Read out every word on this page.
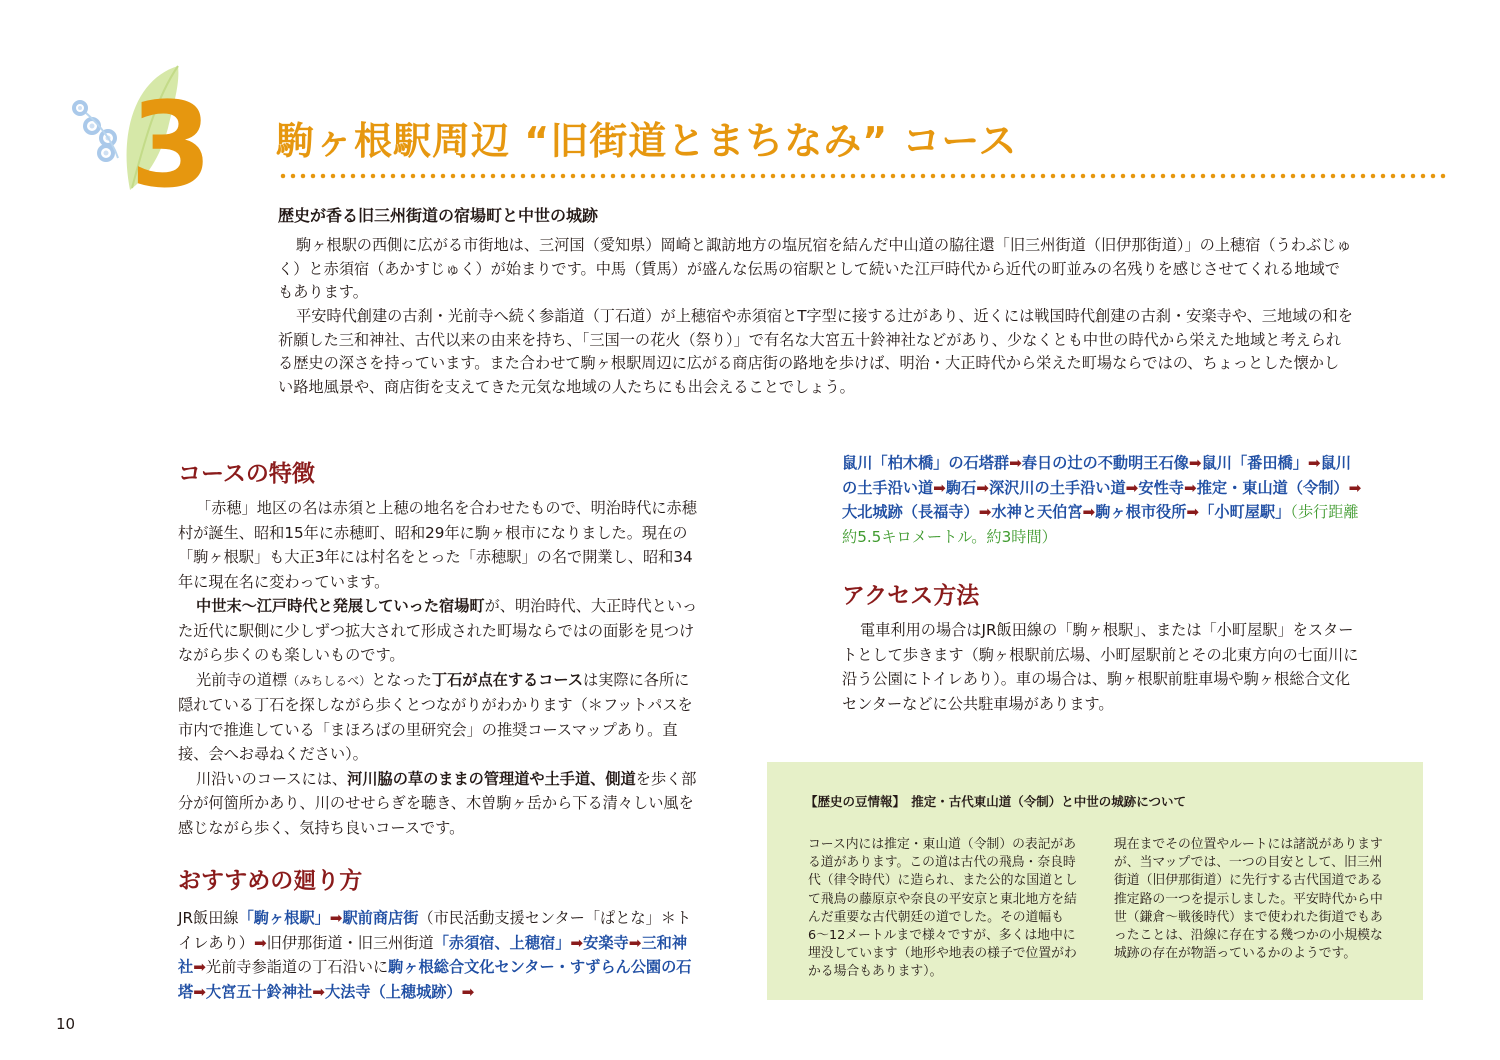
3 駒ヶ根駅周辺 “旧街道とまちなみ” コース
歴史が香る旧三州街道の宿場町と中世の城跡
駒ヶ根駅の西側に広がる市街地は、三河国（愛知県）岡崎と諏訪地方の塩尻宿を結んだ中山道の脇往還「旧三州街道（旧伊那街道）」の上穂宿（うわぶじゅく）と赤須宿（あかすじゅく）が始まりです。中馬（賃馬）が盛んな伝馬の宿駅として続いた江戸時代から近代の町並みの名残りを感じさせてくれる地域でもあります。
平安時代創建の古刹・光前寺へ続く参詣道（丁石道）が上穂宿や赤須宿とT字型に接する辻があり、近くには戦国時代創建の古刹・安楽寺や、三地域の和を祈願した三和神社、古代以来の由来を持ち、「三国一の花火（祭り）」で有名な大宮五十鈴神社などがあり、少なくとも中世の時代から栄えた地域と考えられる歴史の深さを持っています。また合わせて駒ヶ根駅周辺に広がる商店街の路地を歩けば、明治・大正時代から栄えた町場ならではの、ちょっとした懐かしい路地風景や、商店街を支えてきた元気な地域の人たちにも出会えることでしょう。
コースの特徴

「赤穂」地区の名は赤須と上穂の地名を合わせたもので、明治時代に赤穂村が誕生、昭和15年に赤穂町、昭和29年に駒ヶ根市になりました。現在の「駒ヶ根駅」も大正3年には村名をとった「赤穂駅」の名で開業し、昭和34年に現在名に変わっています。

中世末〜江戸時代と発展していった宿場町が、明治時代、大正時代といった近代に駅側に少しずつ拡大されて形成された町場ならではの面影を見つけながら歩くのも楽しいものです。

光前寺の道標（みちしるべ）となった丁石が点在するコースは実際に各所に隠れている丁石を探しながら歩くとつながりがわかります（＊フットパスを市内で推進している「まほろばの里研究会」の推奨コースマップあり。直接、会へお尋ねください）。

川沿いのコースには、河川脇の草のままの管理道や土手道、側道を歩く部分が何箇所かあり、川のせせらぎを聴き、木曽駒ヶ岳から下る清々しい風を感じながら歩く、気持ち良いコースです。

おすすめの廻り方
JR飯田線「駒ヶ根駅」➡駅前商店街（市民活動支援センター「ぱとな」＊トイレあり）➡旧伊那街道・旧三州街道「赤須宿、上穂宿」➡安楽寺➡三和神社➡光前寺参詣道の丁石沿いに駒ヶ根総合文化センター・すずらん公園の石塔➡大宮五十鈴神社➡大法寺（上穂城跡）➡
鼠川「柏木橋」の石塔群➡春日の辻の不動明王石像➡鼠川「番田橋」➡鼠川の土手沿い道➡駒石➡深沢川の土手沿い道➡安性寺➡推定・東山道（令制）➡大北城跡（長福寺）➡水神と天伯宮➡駒ヶ根市役所➡「小町屋駅」（歩行距離約5.5キロメートル。約3時間）
アクセス方法
電車利用の場合はJR飯田線の「駒ヶ根駅」、または「小町屋駅」をスタートとして歩きます（駒ヶ根駅前広場、小町屋駅前とその北東方向の七面川に沿う公園にトイレあり）。車の場合は、駒ヶ根駅前駐車場や駒ヶ根総合文化センターなどに公共駐車場があります。
【歴史の豆情報】　推定・古代東山道（令制）と中世の城跡について
コース内には推定・東山道（令制）の表記がある道があります。この道は古代の飛鳥・奈良時代（律令時代）に造られ、また公的な国道として飛鳥の藤原京や奈良の平安京と東北地方を結んだ重要な古代朝廷の道でした。その道幅も6〜12メートルまで様々ですが、多くは地中に埋没しています（地形や地表の様子で位置がわかる場合もあります）。
現在までその位置やルートには諸説がありますが、当マップでは、一つの目安として、旧三州街道（旧伊那街道）に先行する古代国道である推定路の一つを提示しました。平安時代から中世（鎌倉〜戦後時代）まで使われた街道でもあったことは、沿線に存在する幾つかの小規模な城跡の存在が物語っているかのようです。
10
